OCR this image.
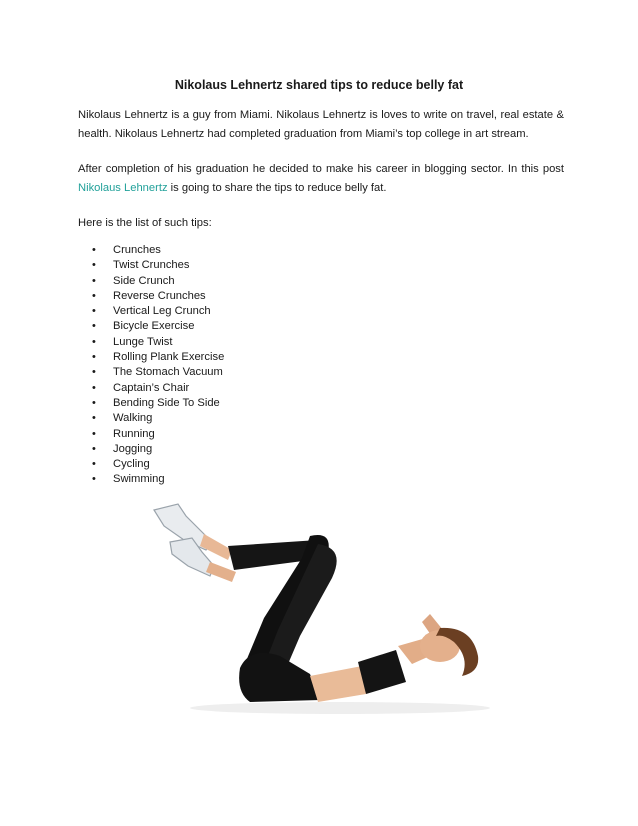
Nikolaus Lehnertz shared tips to reduce belly fat
Nikolaus Lehnertz is a guy from Miami. Nikolaus Lehnertz is loves to write on travel, real estate & health. Nikolaus Lehnertz had completed graduation from Miami’s top college in art stream.
After completion of his graduation he decided to make his career in blogging sector. In this post Nikolaus Lehnertz is going to share the tips to reduce belly fat.
Here is the list of such tips:
• Crunches
• Twist Crunches
• Side Crunch
• Reverse Crunches
• Vertical Leg Crunch
• Bicycle Exercise
• Lunge Twist
• Rolling Plank Exercise
• The Stomach Vacuum
• Captain’s Chair
• Bending Side To Side
• Walking
• Running
• Jogging
• Cycling
• Swimming
